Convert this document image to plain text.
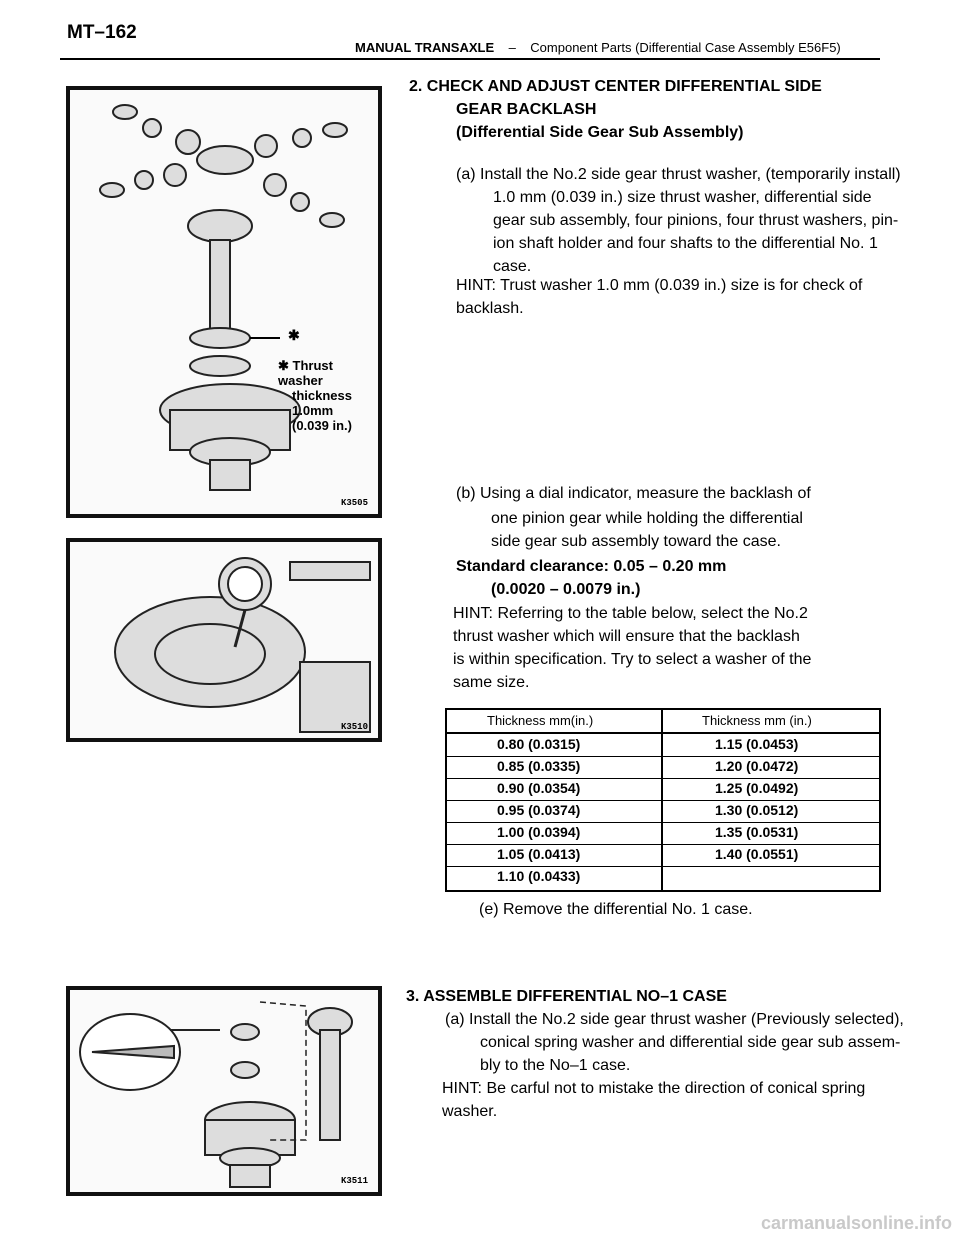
MT–162
MANUAL TRANSAXLE – Component Parts (Differential Case Assembly E56F5)
✱ Thrust washer
thickness
1.0mm
(0.039 in.)
✱
K3505
K3510
K3511
2. CHECK AND ADJUST CENTER DIFFERENTIAL SIDE
GEAR BACKLASH
(Differential Side Gear Sub Assembly)
(a) Install the No.2 side gear thrust washer, (temporarily install)
1.0 mm (0.039 in.) size thrust washer, differential side
gear sub assembly, four pinions, four thrust washers, pin-
ion shaft holder and four shafts to the differential No. 1
case.
HINT: Trust washer 1.0 mm (0.039 in.) size is for check of
backlash.
(b) Using a dial indicator, measure the backlash of
one pinion gear while holding the differential
side gear sub assembly toward the case.
Standard clearance: 0.05 – 0.20 mm
(0.0020 – 0.0079 in.)
HINT: Referring to the table below, select the No.2
thrust washer which will ensure that the backlash
is within specification. Try to select a washer of the
same size.
Thickness mm(in.)	Thickness mm (in.)
0.80 (0.0315)	1.15 (0.0453)
0.85 (0.0335)	1.20 (0.0472)
0.90 (0.0354)	1.25 (0.0492)
0.95 (0.0374)	1.30 (0.0512)
1.00 (0.0394)	1.35 (0.0531)
1.05 (0.0413)	1.40 (0.0551)
1.10 (0.0433)
(e) Remove the differential No. 1 case.
3. ASSEMBLE DIFFERENTIAL NO–1 CASE
(a) Install the No.2 side gear thrust washer (Previously selected),
conical spring washer and differential side gear sub assem-
bly to the No–1 case.
HINT: Be carful not to mistake the direction of conical spring
washer.
carmanualsonline.info
